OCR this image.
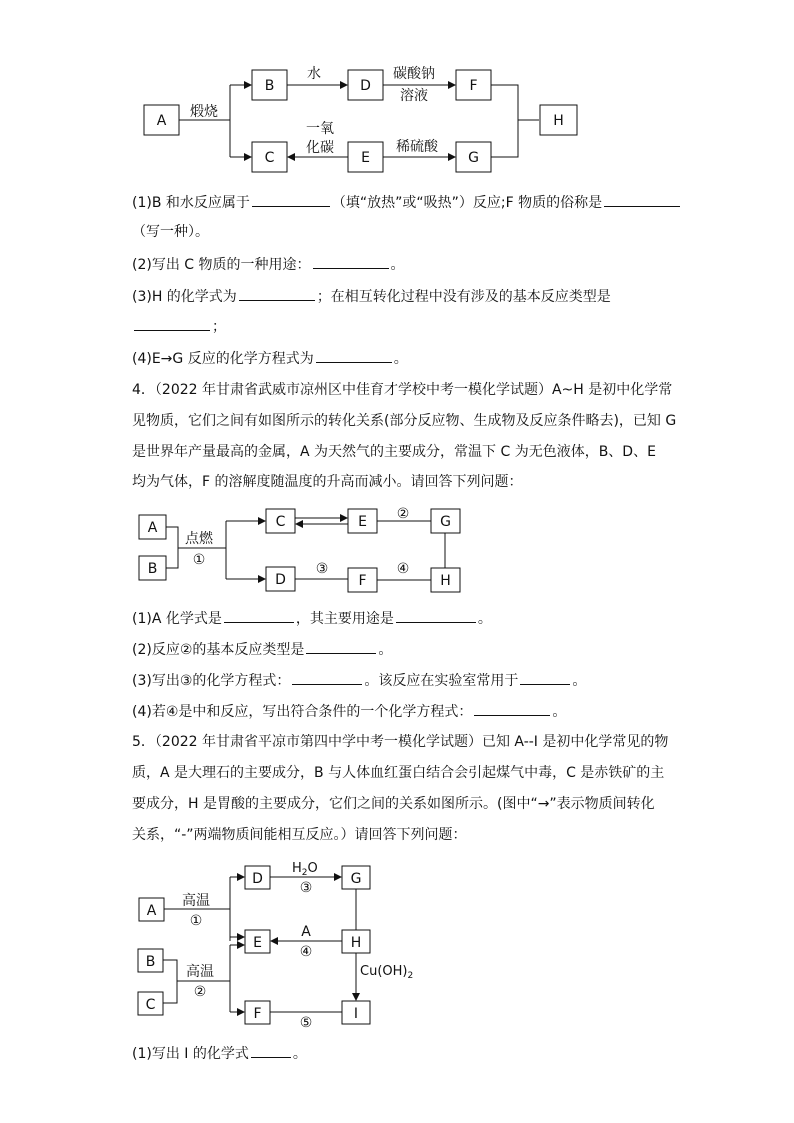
A
B
C
D
E
F
G
H
煅烧
水	碳酸钠
溶液
一氧
化碳	稀硫酸
A
B
C
D
E
F
G
H
点燃
①
②
③	④
A
B
C
D
E
F
G
H
I
高温
①
高温
②
③
④
⑤
A
$H_2O$
$Cu(OH)_2$
(1)B 和水反应属于	（填“放热”或“吸热”）反应;F 物质的俗称是
（写一种）。
(2)写出 C 物质的一种用途：	。
(3)H 的化学式为	；在相互转化过程中没有涉及的基本反应类型是
；
(4)E→G 反应的化学方程式为	。
4．（2022 年甘肃省武威市凉州区中佳育才学校中考一模化学试题）A~H 是初中化学常
见物质，它们之间有如图所示的转化关系(部分反应物、生成物及反应条件略去)，已知 G
是世界年产量最高的金属，A 为天然气的主要成分，常温下 C 为无色液体，B、D、E
均为气体，F 的溶解度随温度的升高而减小。请回答下列问题：
(1)A 化学式是	，其主要用途是	。
(2)反应②的基本反应类型是	。
(3)写出③的化学方程式：	。该反应在实验室常用于	。
(4)若④是中和反应，写出符合条件的一个化学方程式：	。
5．（2022 年甘肃省平凉市第四中学中考一模化学试题）已知 A--I 是初中化学常见的物
质，A 是大理石的主要成分，B 与人体血红蛋白结合会引起煤气中毒，C 是赤铁矿的主
要成分，H 是胃酸的主要成分，它们之间的关系如图所示。(图中“→”表示物质间转化
关系，“-”两端物质间能相互反应。）请回答下列问题：
(1)写出 I 的化学式	。
